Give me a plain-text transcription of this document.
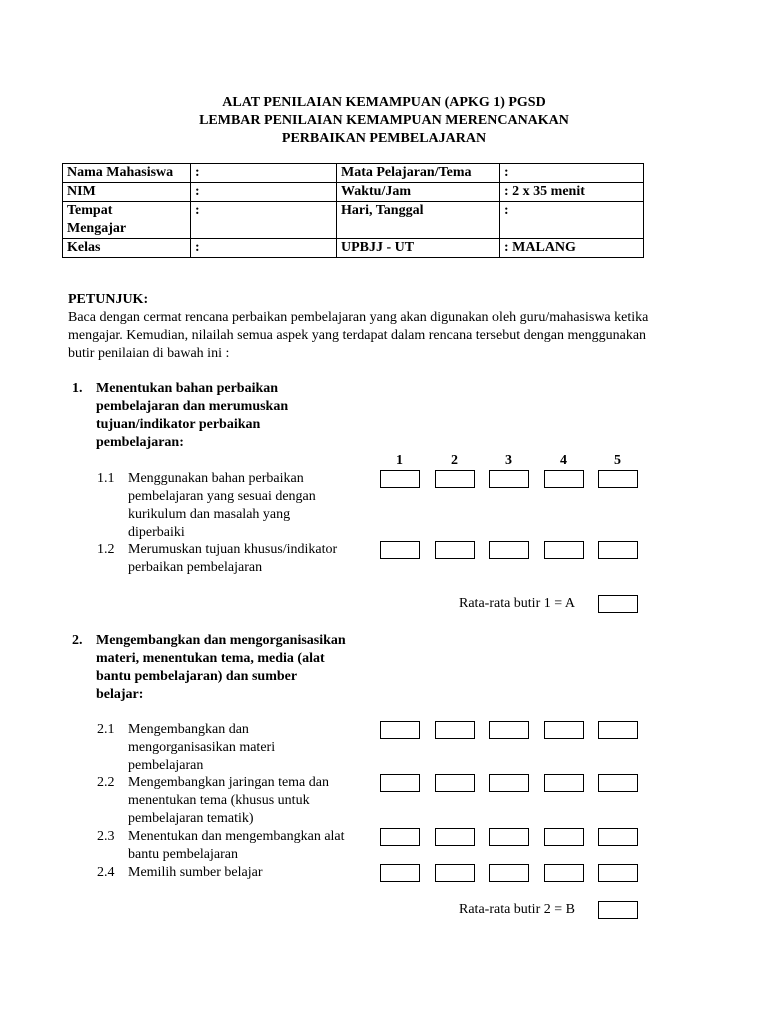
ALAT PENILAIAN KEMAMPUAN (APKG 1) PGSD
LEMBAR PENILAIAN KEMAMPUAN MERENCANAKAN
PERBAIKAN PEMBELAJARAN
Nama Mahasiswa	:	Mata Pelajaran/Tema	:
NIM	:	Waktu/Jam	: 2 x 35 menit

Tempat
Mengajar	:	Hari, Tanggal	:
Kelas	:	UPBJJ - UT	: MALANG
PETUNJUK:
Baca dengan cermat rencana perbaikan pembelajaran yang akan digunakan oleh guru/mahasiswa ketika
mengajar. Kemudian, nilailah semua aspek yang terdapat dalam rencana tersebut dengan menggunakan
butir penilaian di bawah ini :
1. Menentukan bahan perbaikan
pembelajaran dan merumuskan
tujuan/indikator perbaikan
pembelajaran:
1	2	3	4	5
1.1 Menggunakan bahan perbaikan
pembelajaran yang sesuai dengan
kurikulum dan masalah yang
diperbaiki
1.2 Merumuskan tujuan khusus/indikator
perbaikan pembelajaran
Rata-rata butir 1 = A
2. Mengembangkan dan mengorganisasikan
materi, menentukan tema, media (alat
bantu pembelajaran) dan sumber
belajar:
2.1 Mengembangkan dan
mengorganisasikan materi
pembelajaran
2.2 Mengembangkan jaringan tema dan
menentukan tema (khusus untuk
pembelajaran tematik)
2.3 Menentukan dan mengembangkan alat
bantu pembelajaran
2.4 Memilih sumber belajar
Rata-rata butir 2 = B
